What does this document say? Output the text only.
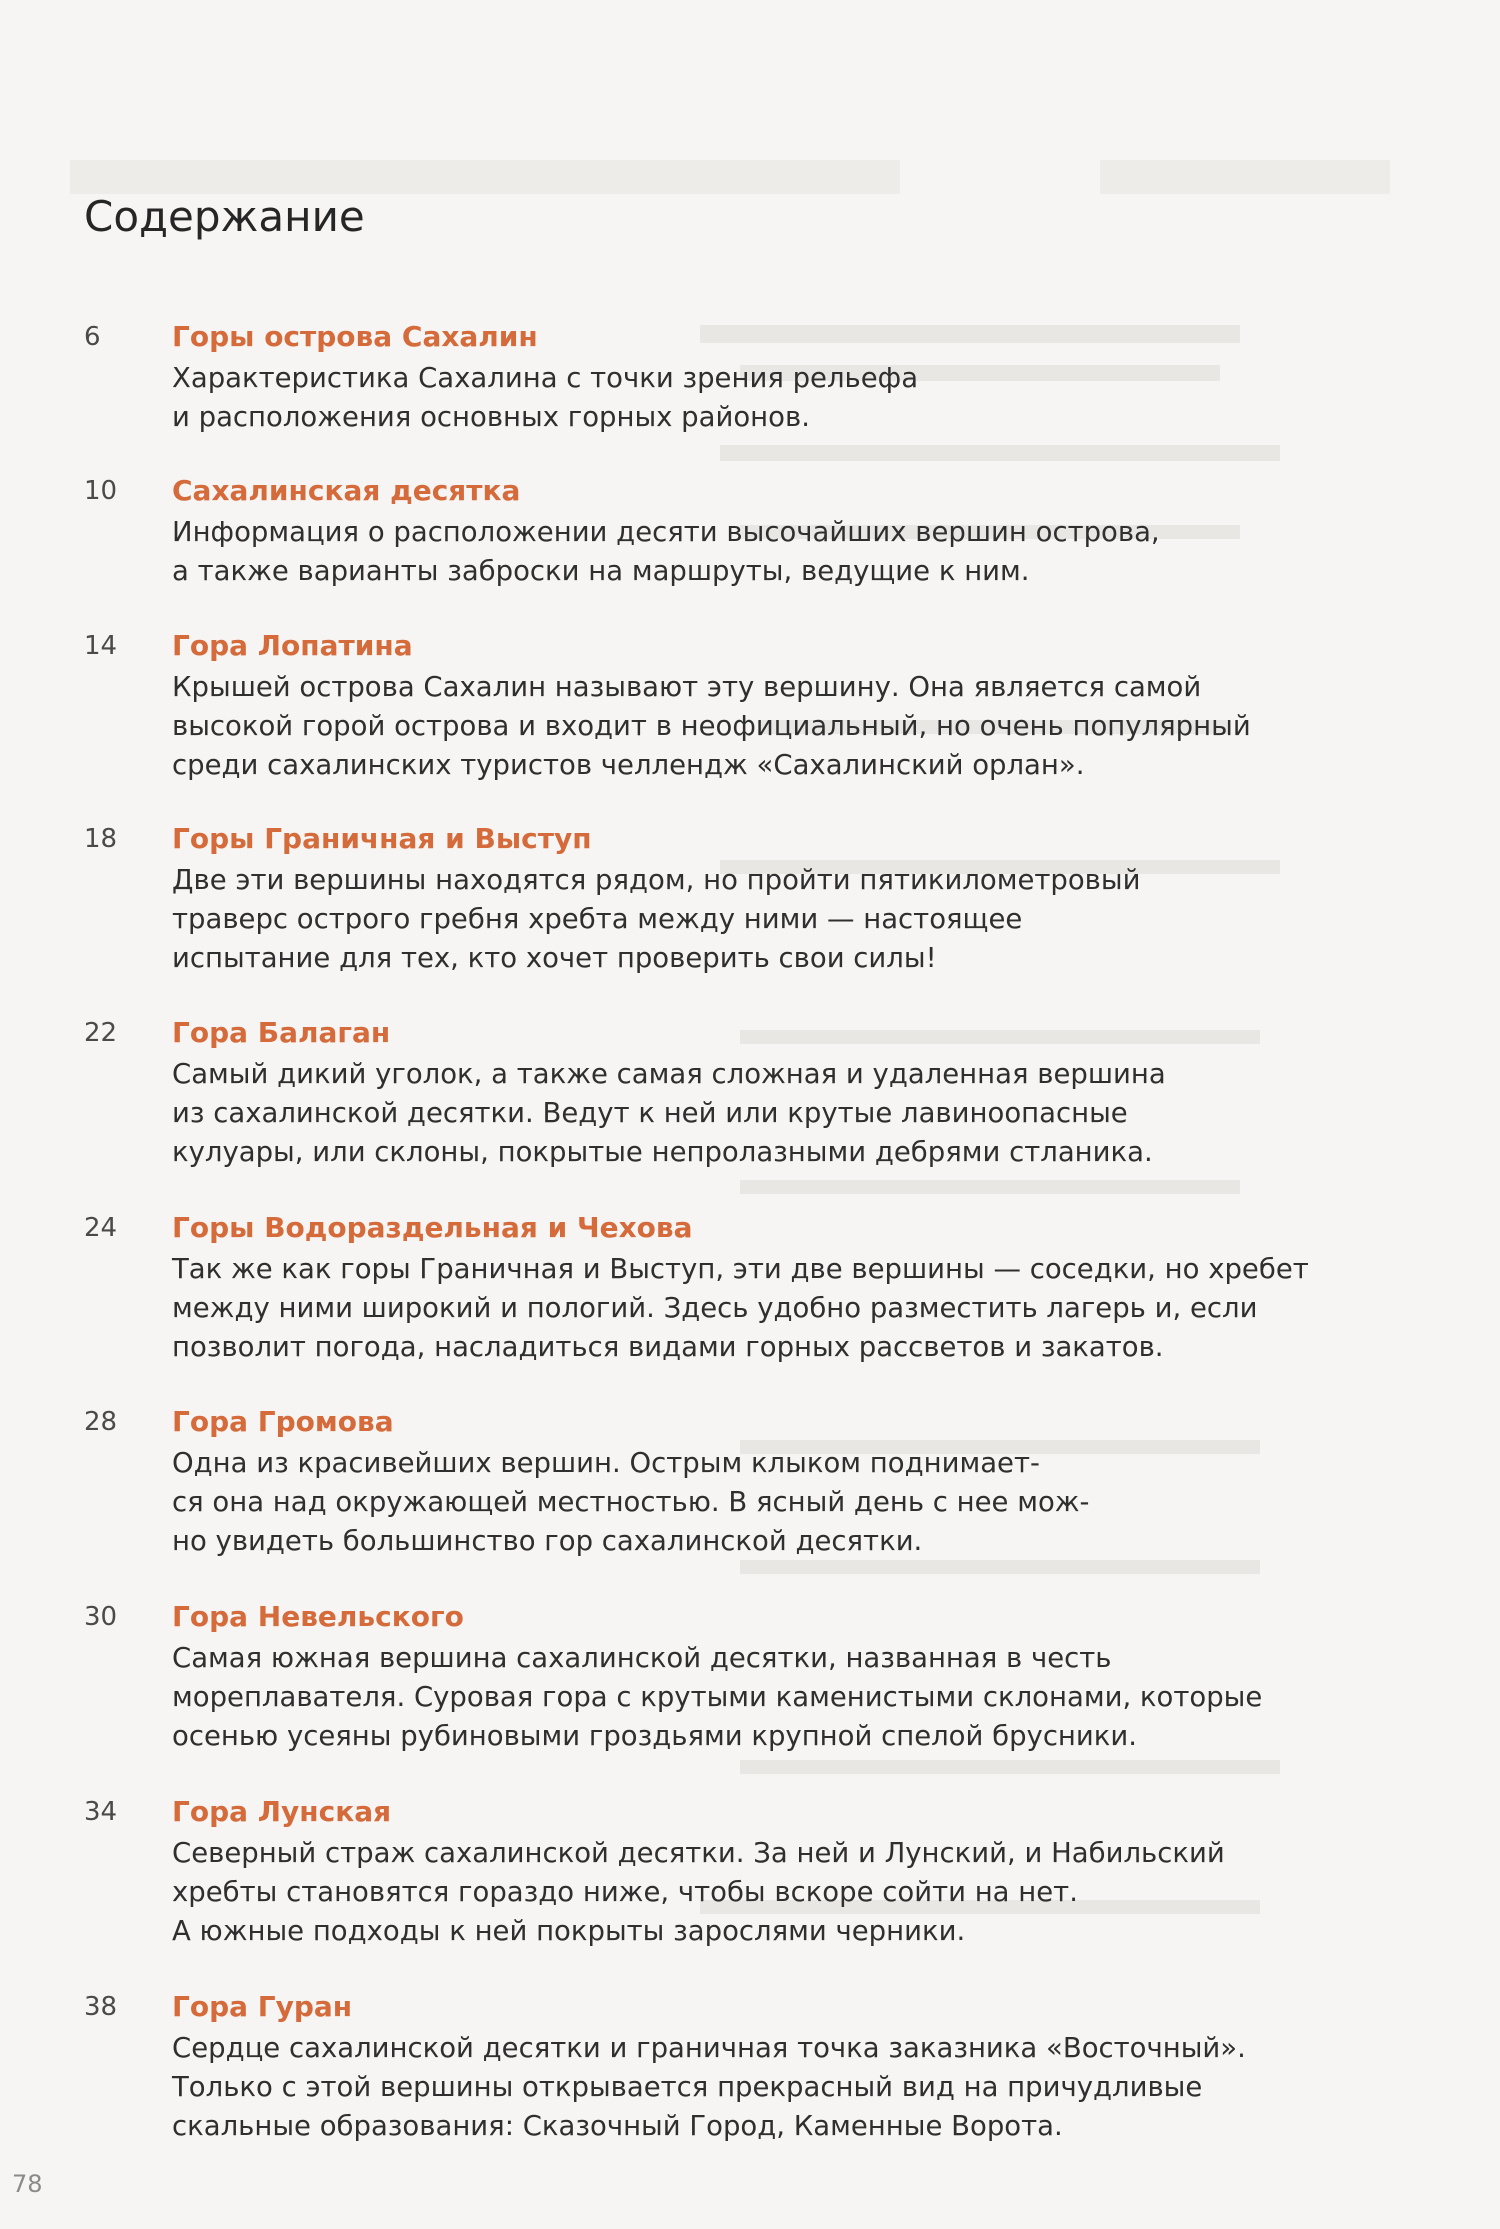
Содержание
6	Горы острова Сахалин
Характеристика Сахалина с точки зрения рельефа
и расположения основных горных районов.
10 Сахалинская десятка
Информация о расположении десяти высочайших вершин острова,
а также варианты заброски на маршруты, ведущие к ним.
14 Гора Лопатина
Крышей острова Сахалин называют эту вершину. Она является самой
высокой горой острова и входит в неофициальный, но очень популярный
среди сахалинских туристов челлендж «Сахалинский орлан».
18 Горы Граничная и Выступ
Две эти вершины находятся рядом, но пройти пятикилометровый
траверс острого гребня хребта между ними — настоящее
испытание для тех, кто хочет проверить свои силы!
22 Гора Балаган
Самый дикий уголок, а также самая сложная и удаленная вершина
из сахалинской десятки. Ведут к ней или крутые лавиноопасные
кулуары, или склоны, покрытые непролазными дебрями стланика.
24 Горы Водораздельная и Чехова
Так же как горы Граничная и Выступ, эти две вершины — соседки, но хребет
между ними широкий и пологий. Здесь удобно разместить лагерь и, если
позволит погода, насладиться видами горных рассветов и закатов.
28 Гора Громова
Одна из красивейших вершин. Острым клыком поднимает-
ся она над окружающей местностью. В ясный день с нее мож-
но увидеть большинство гор сахалинской десятки.
30 Гора Невельского
Самая южная вершина сахалинской десятки, названная в честь
мореплавателя. Суровая гора с крутыми каменистыми склонами, которые
осенью усеяны рубиновыми гроздьями крупной спелой брусники.
34 Гора Лунская
Северный страж сахалинской десятки. За ней и Лунский, и Набильский
хребты становятся гораздо ниже, чтобы вскоре сойти на нет.
А южные подходы к ней покрыты зарослями черники.
38 Гора Гуран
Сердце сахалинской десятки и граничная точка заказника «Восточный».
Только с этой вершины открывается прекрасный вид на причудливые
скальные образования: Сказочный Город, Каменные Ворота.
78
